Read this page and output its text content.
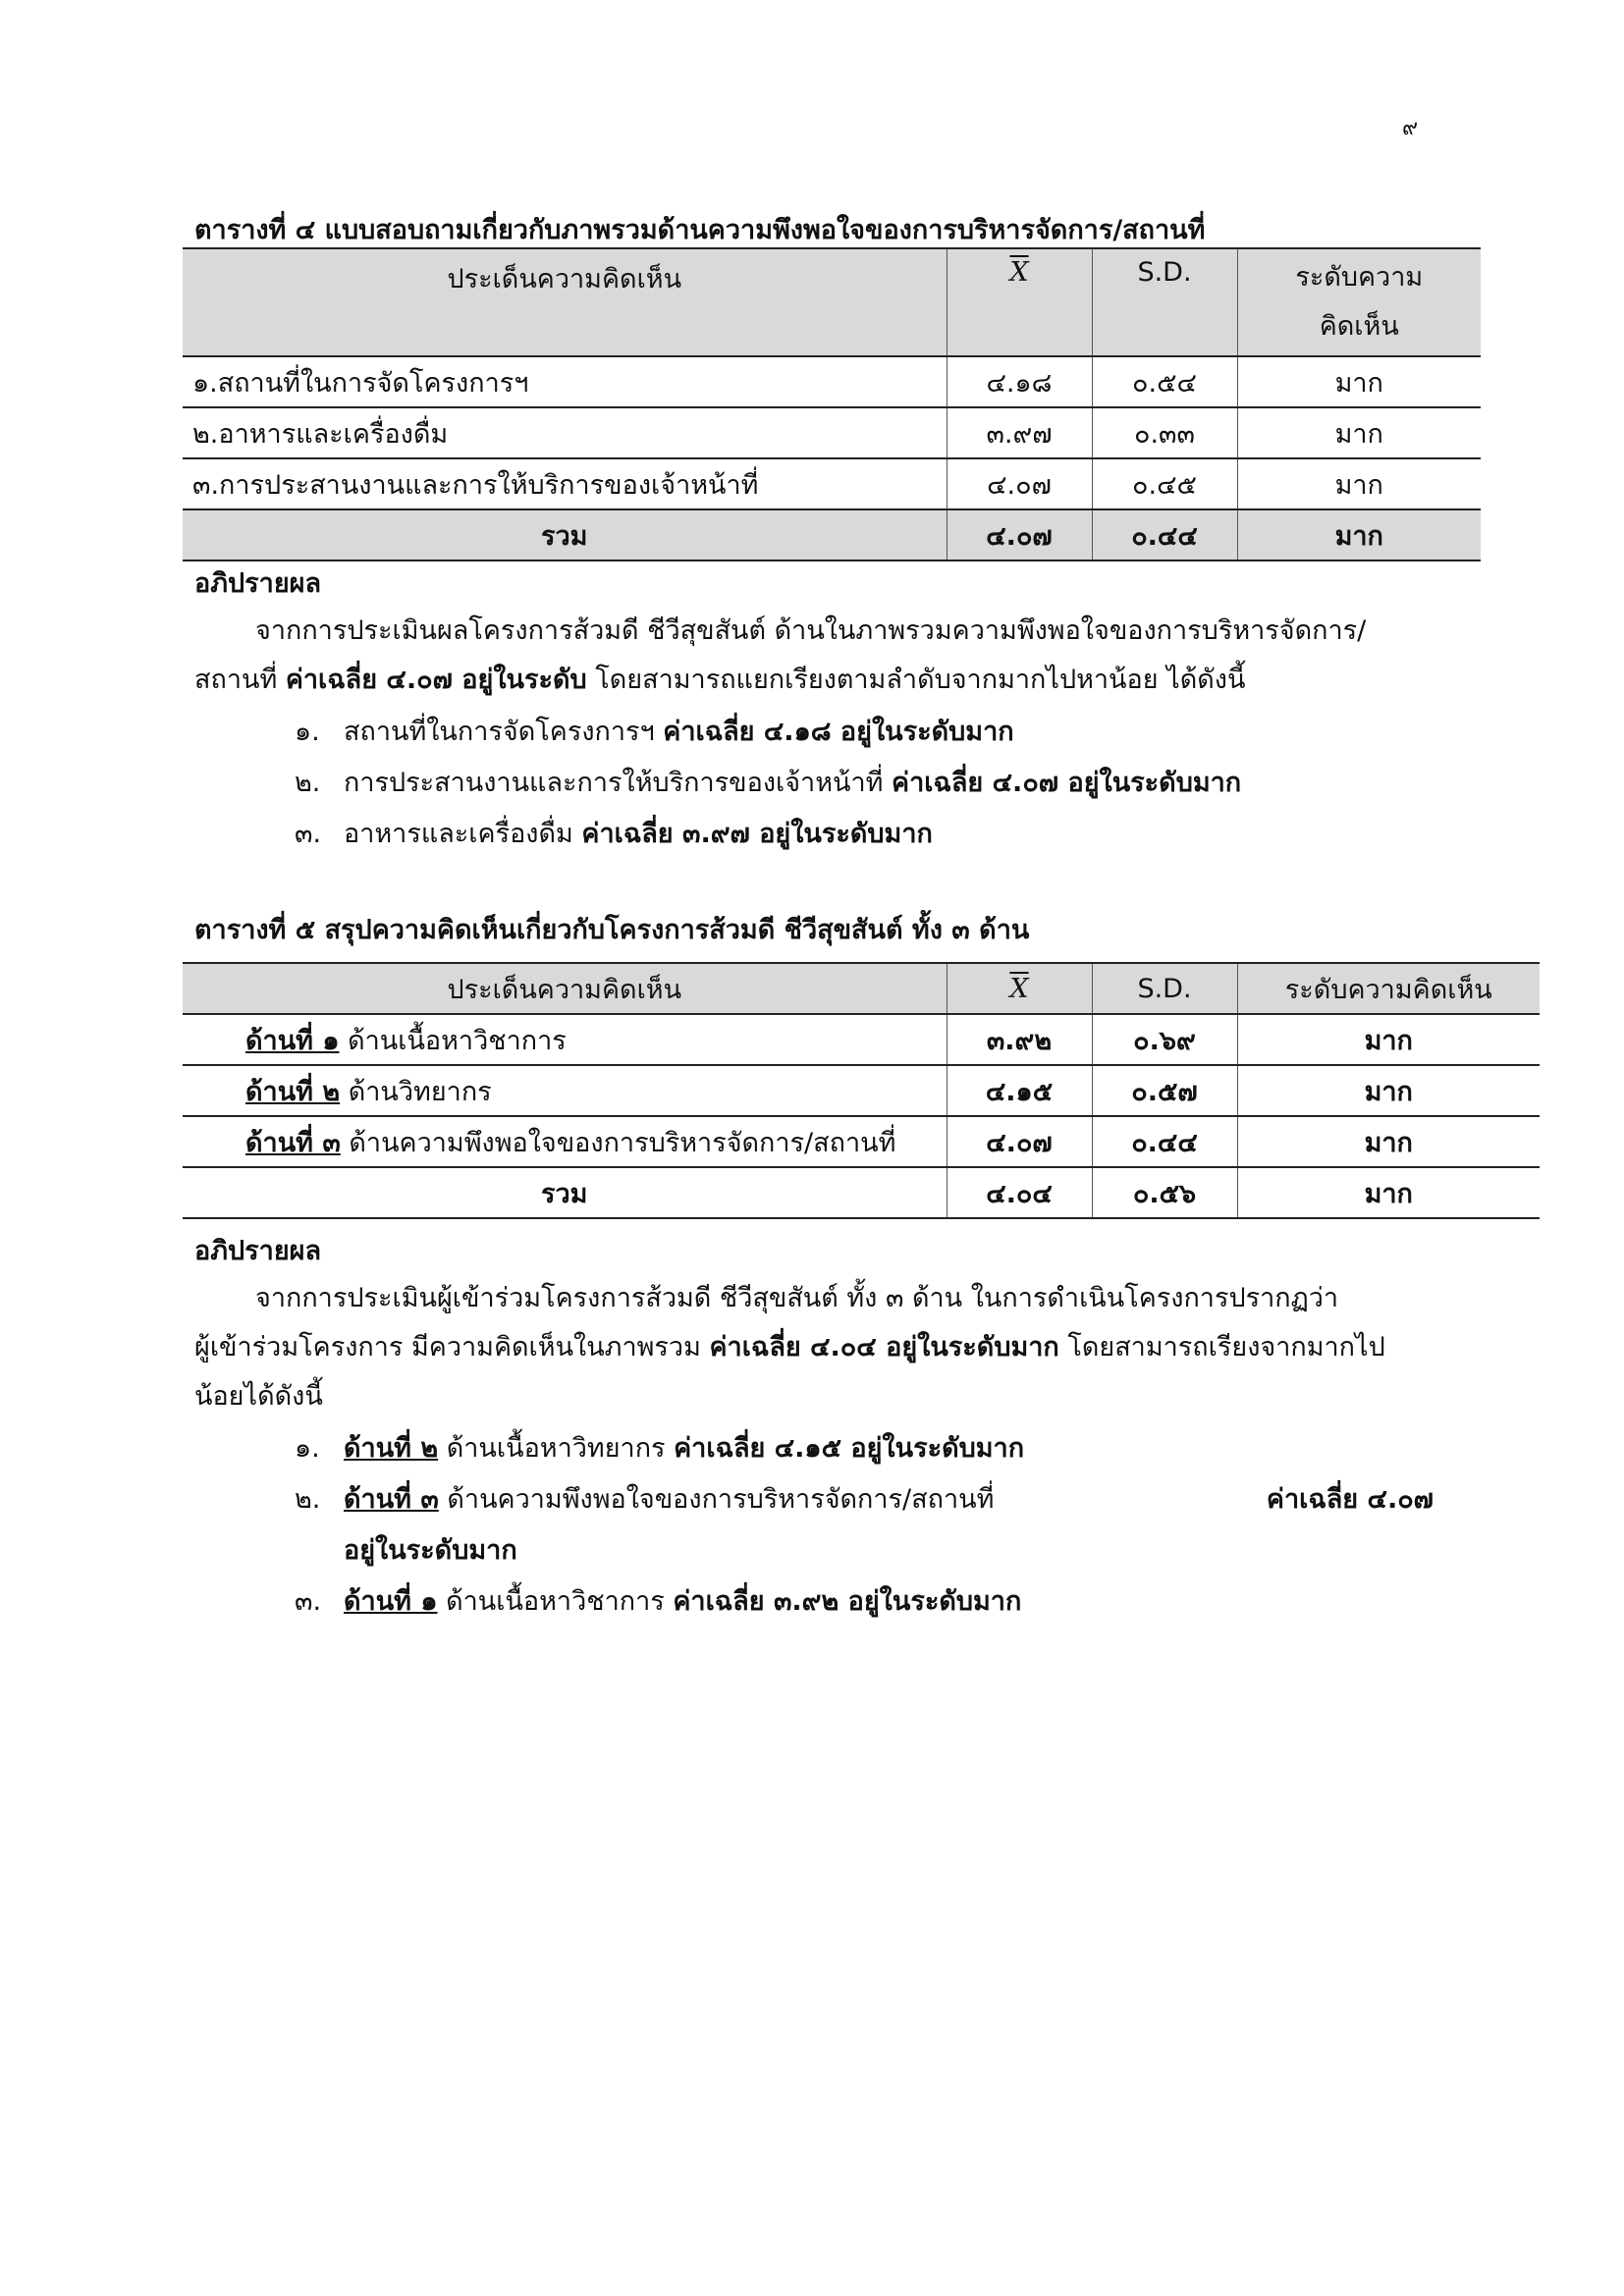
๙
ตารางที่ ๔ แบบสอบถามเกี่ยวกับภาพรวมด้านความพึงพอใจของการบริหารจัดการ/สถานที่
ประเด็นความคิดเห็น	$\overline{X}$	S.D.	ระดับความ
คิดเห็น
๑.สถานที่ในการจัดโครงการฯ	๔.๑๘	๐.๕๔	มาก
๒.อาหารและเครื่องดื่ม	๓.๙๗	๐.๓๓	มาก
๓.การประสานงานและการให้บริการของเจ้าหน้าที่	๔.๐๗	๐.๔๕	มาก
รวม	๔.๐๗	๐.๔๔	มาก
อภิปรายผล
จากการประเมินผลโครงการส้วมดี ชีวีสุขสันต์ ด้านในภาพรวมความพึงพอใจของการบริหารจัดการ/
สถานที่ ค่าเฉลี่ย ๔.๐๗ อยู่ในระดับ โดยสามารถแยกเรียงตามลำดับจากมากไปหาน้อย ได้ดังนี้
๑. สถานที่ในการจัดโครงการฯ ค่าเฉลี่ย ๔.๑๘ อยู่ในระดับมาก
๒. การประสานงานและการให้บริการของเจ้าหน้าที่ ค่าเฉลี่ย ๔.๐๗ อยู่ในระดับมาก
๓. อาหารและเครื่องดื่ม ค่าเฉลี่ย ๓.๙๗ อยู่ในระดับมาก
ตารางที่ ๕ สรุปความคิดเห็นเกี่ยวกับโครงการส้วมดี ชีวีสุขสันต์ ทั้ง ๓ ด้าน
ประเด็นความคิดเห็น	$\overline{X}$	S.D.	ระดับความคิดเห็น
ด้านที่ ๑ ด้านเนื้อหาวิชาการ	๓.๙๒	๐.๖๙	มาก
ด้านที่ ๒ ด้านวิทยากร	๔.๑๕	๐.๕๗	มาก
ด้านที่ ๓ ด้านความพึงพอใจของการบริหารจัดการ/สถานที่	๔.๐๗	๐.๔๔	มาก
รวม	๔.๐๔	๐.๕๖	มาก
อภิปรายผล
จากการประเมินผู้เข้าร่วมโครงการส้วมดี ชีวีสุขสันต์ ทั้ง ๓ ด้าน ในการดำเนินโครงการปรากฏว่า
ผู้เข้าร่วมโครงการ มีความคิดเห็นในภาพรวม ค่าเฉลี่ย ๔.๐๔ อยู่ในระดับมาก โดยสามารถเรียงจากมากไป
น้อยได้ดังนี้
๑. ด้านที่ ๒ ด้านเนื้อหาวิทยากร ค่าเฉลี่ย ๔.๑๕ อยู่ในระดับมาก
๒. ด้านที่ ๓ ด้านความพึงพอใจของการบริหารจัดการ/สถานที่	ค่าเฉลี่ย ๔.๐๗
อยู่ในระดับมาก
๓. ด้านที่ ๑ ด้านเนื้อหาวิชาการ ค่าเฉลี่ย ๓.๙๒ อยู่ในระดับมาก
